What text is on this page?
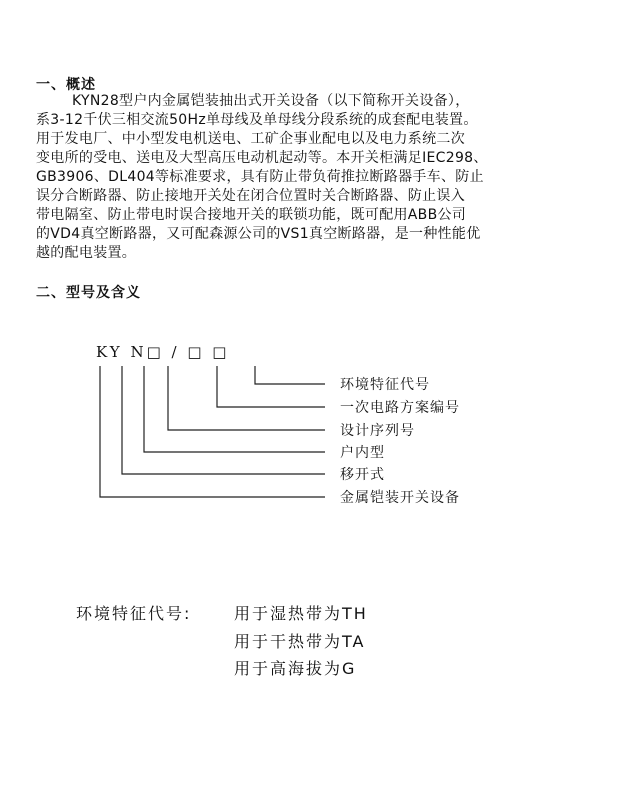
一、概述
KYN28型户内金属铠装抽出式开关设备（以下简称开关设备），
系3-12千伏三相交流50Hz单母线及单母线分段系统的成套配电装置。
用于发电厂、中小型发电机送电、工矿企事业配电以及电力系统二次
变电所的受电、送电及大型高压电动机起动等。本开关柜满足IEC298、
GB3906、DL404等标准要求，具有防止带负荷推拉断路器手车、防止
误分合断路器、防止接地开关处在闭合位置时关合断路器、防止误入
带电隔室、防止带电时误合接地开关的联锁功能，既可配用ABB公司
的VD4真空断路器，又可配森源公司的VS1真空断路器，是一种性能优
越的配电装置。
二、型号及含义
KY N□ / □ □
环境特征代号
一次电路方案编号
设计序列号
户内型
移开式
金属铠装开关设备
环境特征代号:	用于湿热带为TH
用于干热带为TA
用于高海拔为G
